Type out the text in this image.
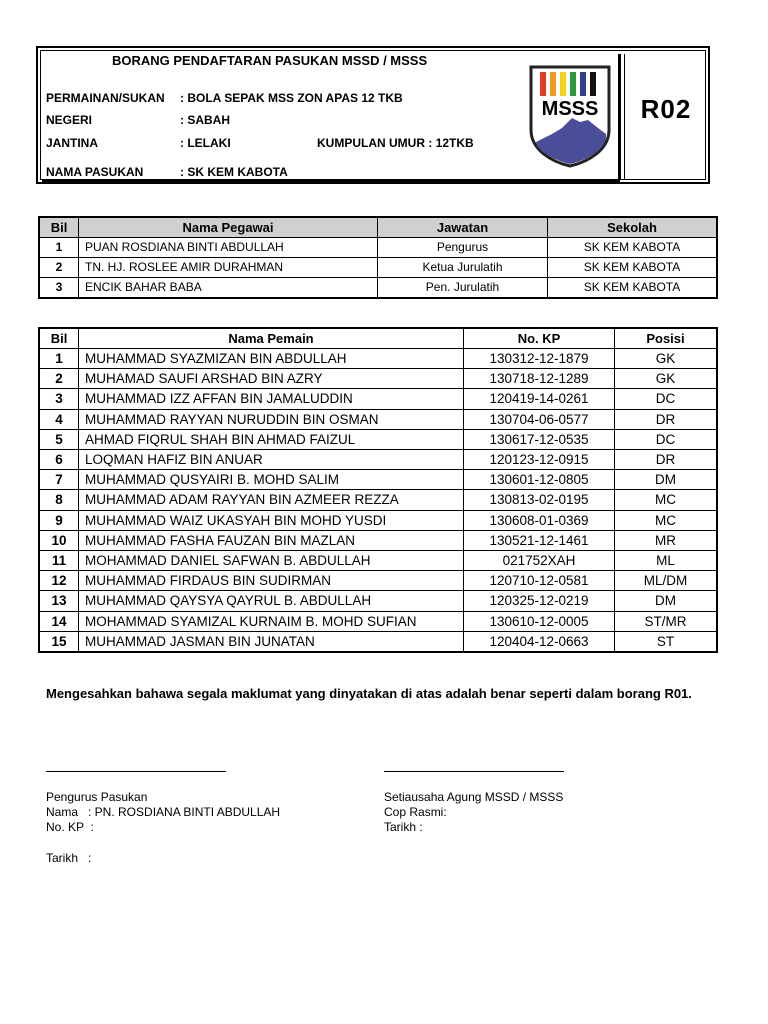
BORANG PENDAFTARAN PASUKAN MSSD / MSSS
PERMAINAN/SUKAN : BOLA SEPAK MSS ZON APAS 12 TKB
NEGERI	: SABAH
JANTINA	: LELAKI	KUMPULAN UMUR : 12TKB
NAMA PASUKAN	: SK KEM KABOTA
MSSS	R02
Bil	Nama Pegawai	Jawatan	Sekolah
1	PUAN ROSDIANA BINTI ABDULLAH	Pengurus	SK KEM KABOTA
2	TN. HJ. ROSLEE AMIR DURAHMAN	Ketua Jurulatih	SK KEM KABOTA
3	ENCIK BAHAR BABA	Pen. Jurulatih	SK KEM KABOTA
Bil	Nama Pemain	No. KP	Posisi
1	MUHAMMAD SYAZMIZAN BIN ABDULLAH	130312-12-1879	GK
2	MUHAMAD SAUFI ARSHAD BIN AZRY	130718-12-1289	GK
3	MUHAMMAD IZZ AFFAN BIN JAMALUDDIN	120419-14-0261	DC
4	MUHAMMAD RAYYAN NURUDDIN BIN OSMAN	130704-06-0577	DR
5	AHMAD FIQRUL SHAH BIN AHMAD FAIZUL	130617-12-0535	DC
6	LOQMAN HAFIZ BIN ANUAR	120123-12-0915	DR
7	MUHAMMAD QUSYAIRI B. MOHD SALIM	130601-12-0805	DM
8	MUHAMMAD ADAM RAYYAN BIN AZMEER REZZA	130813-02-0195	MC
9	MUHAMMAD WAIZ UKASYAH BIN MOHD YUSDI	130608-01-0369	MC
10	MUHAMMAD FASHA FAUZAN BIN MAZLAN	130521-12-1461	MR
11	MOHAMMAD DANIEL SAFWAN B. ABDULLAH	021752XAH	ML
12	MUHAMMAD FIRDAUS BIN SUDIRMAN	120710-12-0581	ML/DM
13	MUHAMMAD QAYSYA QAYRUL B. ABDULLAH	120325-12-0219	DM
14	MOHAMMAD SYAMIZAL KURNAIM B. MOHD SUFIAN	130610-12-0005	ST/MR
15	MUHAMMAD JASMAN BIN JUNATAN	120404-12-0663	ST
Mengesahkan bahawa segala maklumat yang dinyatakan di atas adalah benar seperti dalam borang R01.
Pengurus Pasukan
Nama   : PN. ROSDIANA BINTI ABDULLAH
No. KP  :
Tarikh   :
Setiausaha Agung MSSD / MSSS
Cop Rasmi:
Tarikh :
